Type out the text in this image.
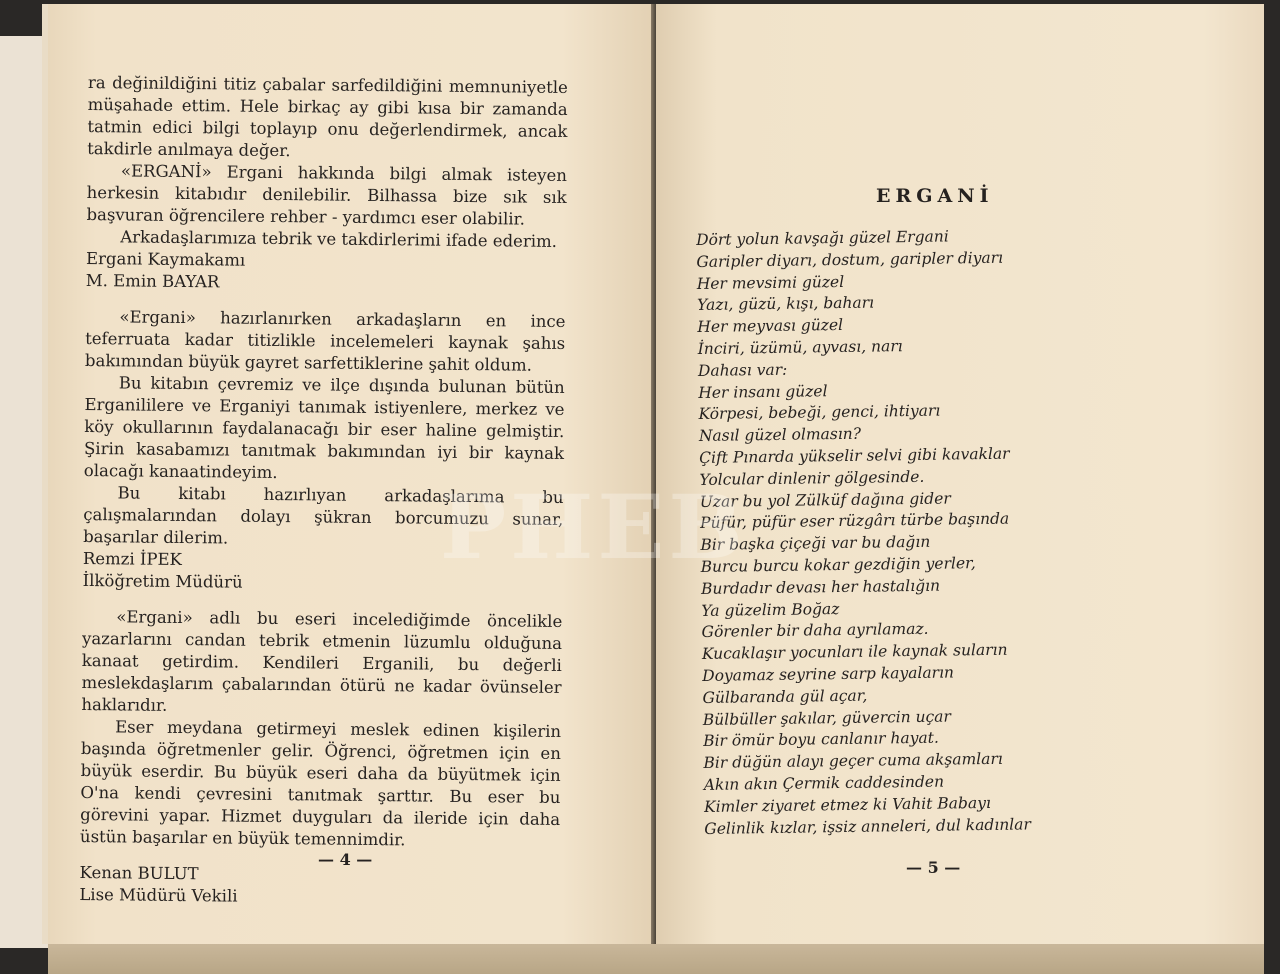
ra değinildiğini titiz çabalar sarfedildiğini memnuniyetle müşahade ettim. Hele birkaç ay gibi kısa bir zamanda tatmin edici bilgi toplayıp onu değerlendirmek, ancak takdirle anılmaya değer.

«ERGANİ» Ergani hakkında bilgi almak isteyen herkesin kitabıdır denilebilir. Bilhassa bize sık sık başvuran öğrencilere rehber - yardımcı eser olabilir.

Arkadaşlarımıza tebrik ve takdirlerimi ifade ederim.

Ergani Kaymakamı

M. Emin BAYAR

«Ergani» hazırlanırken arkadaşların en ince teferruata kadar titizlikle incelemeleri kaynak şahıs bakımından büyük gayret sarfettiklerine şahit oldum.

Bu kitabın çevremiz ve ilçe dışında bulunan bütün Erganililere ve Erganiyi tanımak istiyenlere, merkez ve köy okullarının faydalanacağı bir eser haline gelmiştir. Şirin kasabamızı tanıtmak bakımından iyi bir kaynak olacağı kanaatindeyim.

Bu kitabı hazırlıyan arkadaşlarıma bu çalışmalarından dolayı şükran borcumuzu sunar, başarılar dilerim.

Remzi İPEK

İlköğretim Müdürü

«Ergani» adlı bu eseri incelediğimde öncelikle yazarlarını candan tebrik etmenin lüzumlu olduğuna kanaat getirdim. Kendileri Erganili, bu değerli meslekdaşlarım çabalarından ötürü ne kadar övünseler haklarıdır.

Eser meydana getirmeyi meslek edinen kişilerin başında öğretmenler gelir. Öğrenci, öğretmen için en büyük eserdir. Bu büyük eseri daha da büyütmek için O'na kendi çevresini tanıtmak şarttır. Bu eser bu görevini yapar. Hizmet duyguları da ileride için daha üstün başarılar en büyük temennimdir.

Kenan BULUT

Lise Müdürü Vekili

— 4 —
ERGANİ
Dört yolun kavşağı güzel Ergani
Garipler diyarı, dostum, garipler diyarı
Her mevsimi güzel
Yazı, güzü, kışı, baharı
Her meyvası güzel
İnciri, üzümü, ayvası, narı
Dahası var:
Her insanı güzel
Körpesi, bebeği, genci, ihtiyarı
Nasıl güzel olmasın?
Çift Pınarda yükselir selvi gibi kavaklar
Yolcular dinlenir gölgesinde.
Uzar bu yol Zülküf dağına gider
Püfür, püfür eser rüzgârı türbe başında
Bir başka çiçeği var bu dağın
Burcu burcu kokar gezdiğin yerler,
Burdadır devası her hastalığın
Ya güzelim Boğaz
Görenler bir daha ayrılamaz.
Kucaklaşır yocunları ile kaynak suların
Doyamaz seyrine sarp kayaların
Gülbaranda gül açar,
Bülbüller şakılar, güvercin uçar
Bir ömür boyu canlanır hayat.
Bir düğün alayı geçer cuma akşamları
Akın akın Çermik caddesinden
Kimler ziyaret etmez ki Vahit Babayı
Gelinlik kızlar, işsiz anneleri, dul kadınlar
— 5 —
PHEB
